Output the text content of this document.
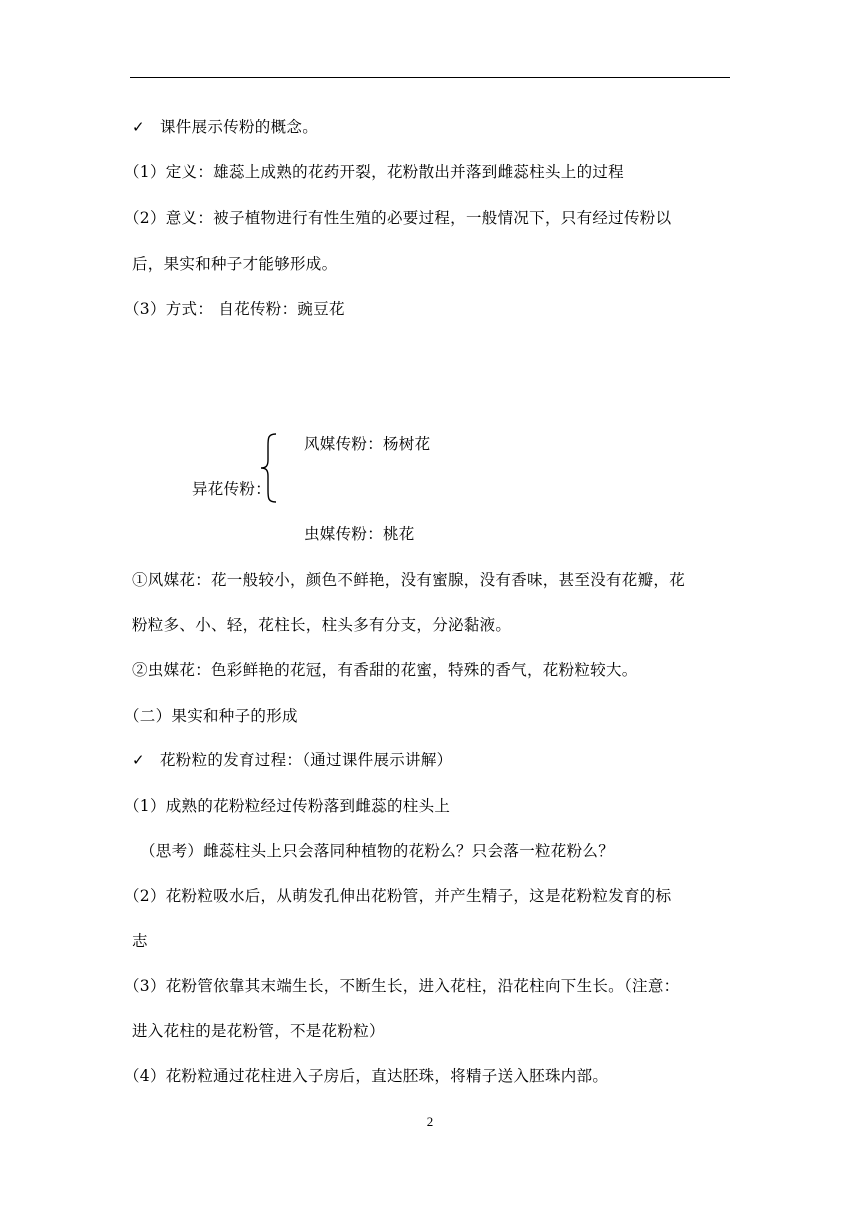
✓ 课件展示传粉的概念。
（1）定义：雄蕊上成熟的花药开裂，花粉散出并落到雌蕊柱头上的过程
（2）意义：被子植物进行有性生殖的必要过程，一般情况下，只有经过传粉以
后，果实和种子才能够形成。
（3）方式： 自花传粉：豌豆花
风媒传粉：杨树花
异花传粉：
虫媒传粉：桃花
①风媒花：花一般较小，颜色不鲜艳，没有蜜腺，没有香味，甚至没有花瓣，花
粉粒多、小、轻，花柱长，柱头多有分支，分泌黏液。
②虫媒花：色彩鲜艳的花冠，有香甜的花蜜，特殊的香气，花粉粒较大。
（二）果实和种子的形成
✓ 花粉粒的发育过程：（通过课件展示讲解）
（1）成熟的花粉粒经过传粉落到雌蕊的柱头上
（思考）雌蕊柱头上只会落同种植物的花粉么？只会落一粒花粉么？
（2）花粉粒吸水后，从萌发孔伸出花粉管，并产生精子，这是花粉粒发育的标
志
（3）花粉管依靠其末端生长，不断生长，进入花柱，沿花柱向下生长。（注意：
进入花柱的是花粉管，不是花粉粒）
（4）花粉粒通过花柱进入子房后，直达胚珠，将精子送入胚珠内部。
2
